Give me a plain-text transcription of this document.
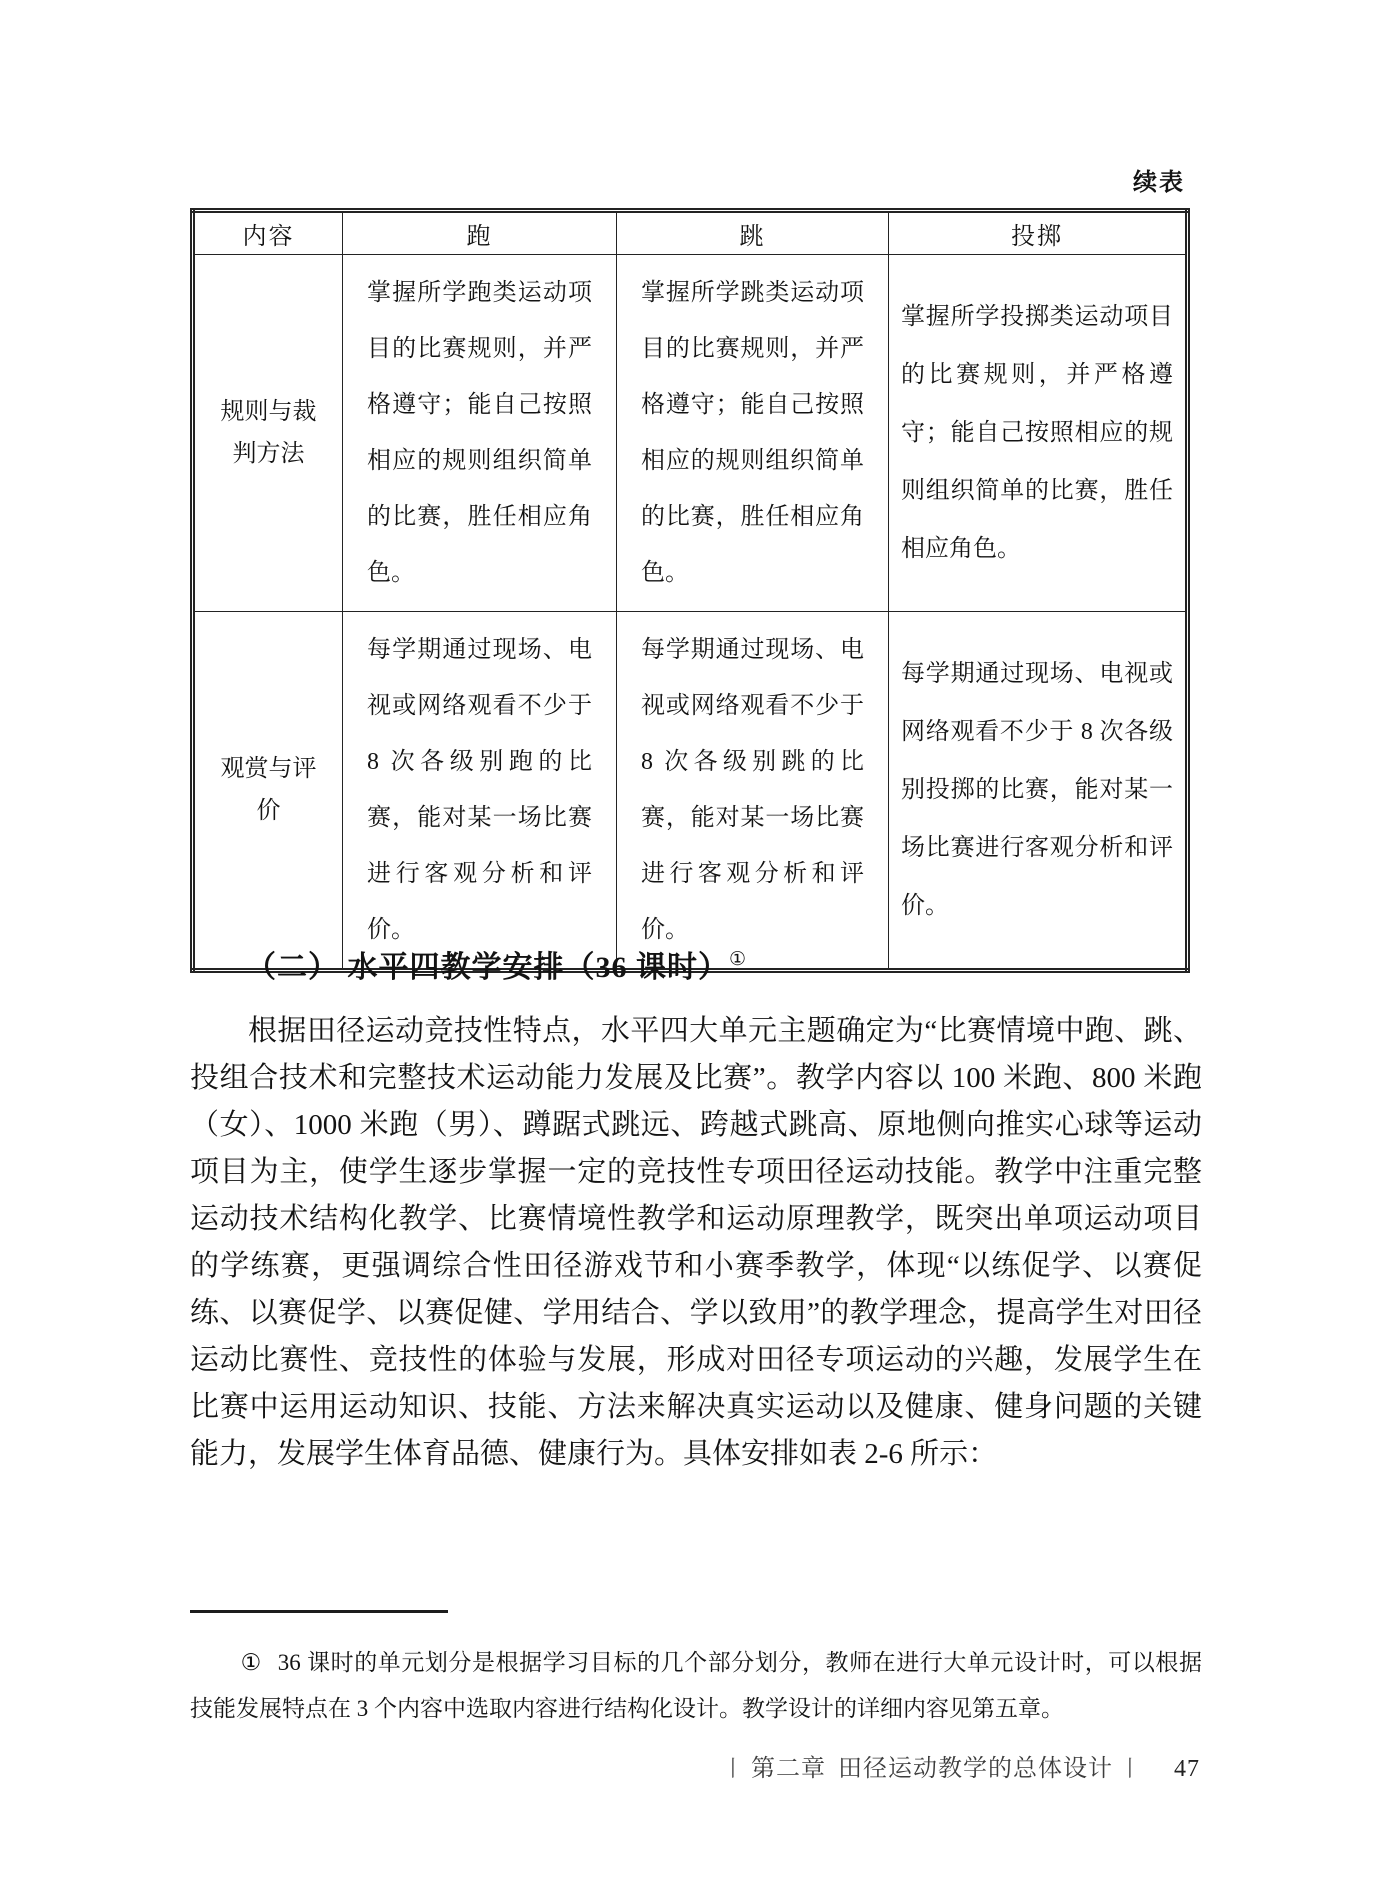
续表
内容	跑	跳	投掷
规则与裁判方法	掌握所学跑类运动项目的比赛规则，并严格遵守；能自己按照相应的规则组织简单的比赛，胜任相应角色。	掌握所学跳类运动项目的比赛规则，并严格遵守；能自己按照相应的规则组织简单的比赛，胜任相应角色。	掌握所学投掷类运动项目的比赛规则，并严格遵守；能自己按照相应的规则组织简单的比赛，胜任相应角色。
观赏与评价	每学期通过现场、电视或网络观看不少于 8 次各级别跑的比赛，能对某一场比赛进行客观分析和评价。	每学期通过现场、电视或网络观看不少于 8 次各级别跳的比赛，能对某一场比赛进行客观分析和评价。	每学期通过现场、电视或网络观看不少于 8 次各级别投掷的比赛，能对某一场比赛进行客观分析和评价。
（二） 水平四教学安排（36 课时）①

根据田径运动竞技性特点，水平四大单元主题确定为“比赛情境中跑、跳、投组合技术和完整技术运动能力发展及比赛”。教学内容以 100 米跑、800 米跑（女）、1000 米跑（男）、蹲踞式跳远、跨越式跳高、原地侧向推实心球等运动项目为主，使学生逐步掌握一定的竞技性专项田径运动技能。教学中注重完整运动技术结构化教学、比赛情境性教学和运动原理教学，既突出单项运动项目的学练赛，更强调综合性田径游戏节和小赛季教学，体现“以练促学、以赛促练、以赛促学、以赛促健、学用结合、学以致用”的教学理念，提高学生对田径运动比赛性、竞技性的体验与发展，形成对田径专项运动的兴趣，发展学生在比赛中运用运动知识、技能、方法来解决真实运动以及健康、健身问题的关键能力，发展学生体育品德、健康行为。具体安排如表 2-6 所示：

① 36 课时的单元划分是根据学习目标的几个部分划分，教师在进行大单元设计时，可以根据技能发展特点在 3 个内容中选取内容进行结构化设计。教学设计的详细内容见第五章。

丨 第二章 田径运动教学的总体设计 丨 47
